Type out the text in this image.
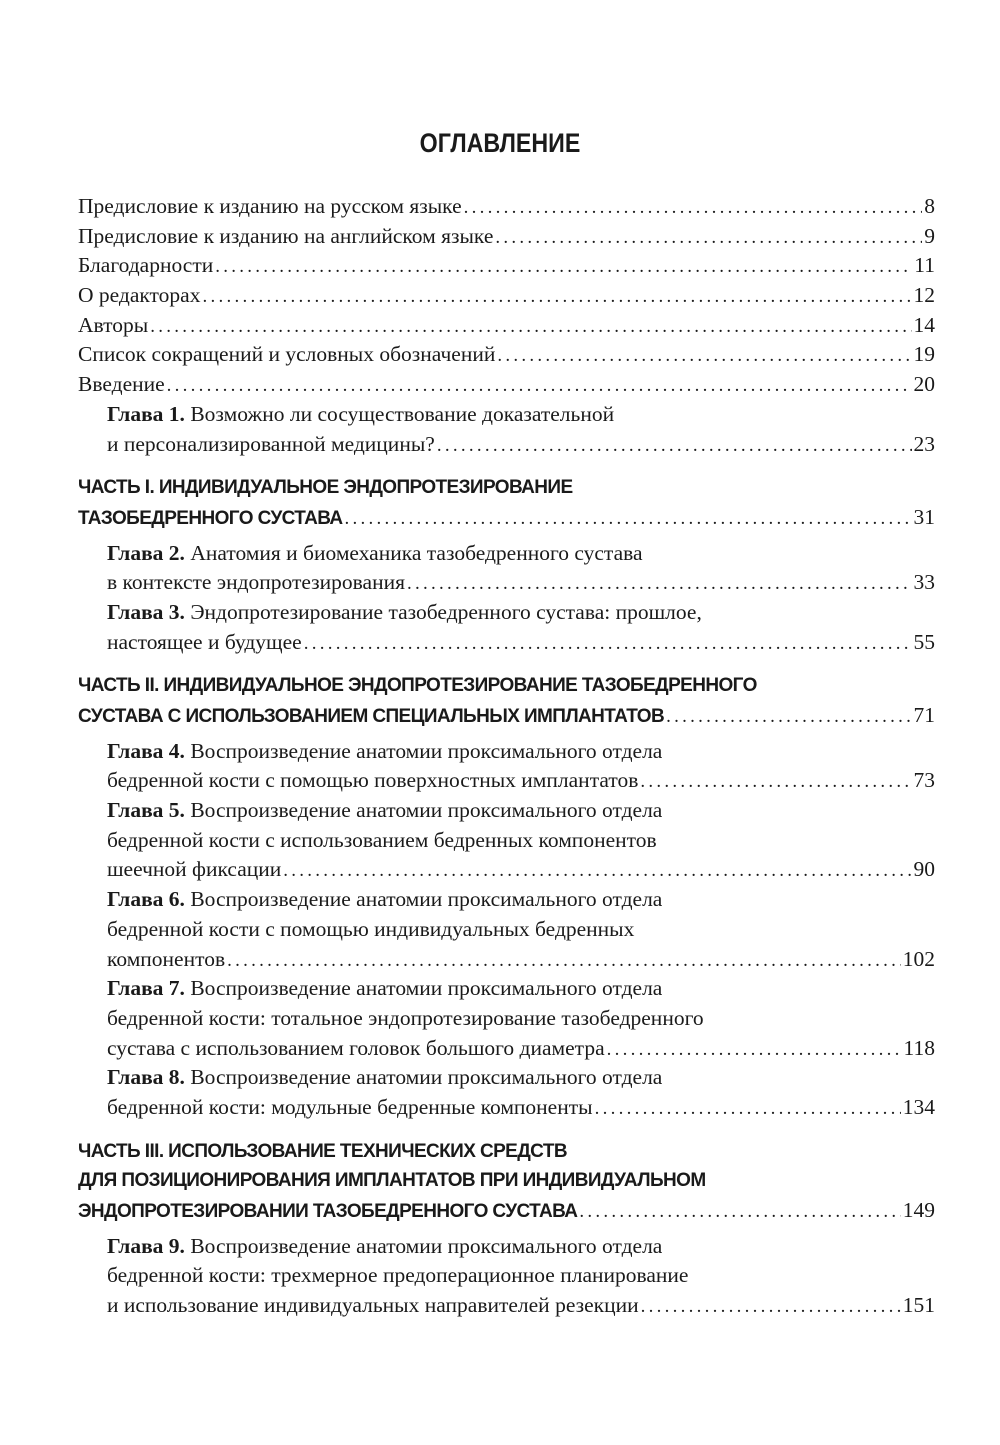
ОГЛАВЛЕНИЕ
Предисловие к изданию на русском языке . . .	8
Предисловие к изданию на английском языке . . .	9
Благодарности . . .	11
О редакторах . . .	12
Авторы . . .	14
Список сокращений и условных обозначений . . .	19
Введение . . .	20
Глава 1.
Возможно ли сосуществование доказательной
и персонализированной медицины? . . .	23
ЧАСТЬ I. ИНДИВИДУАЛЬНОЕ ЭНДОПРОТЕЗИРОВАНИЕ
ТАЗОБЕДРЕННОГО СУСТАВА . . .	31
Глава 2.
Анатомия и биомеханика тазобедренного сустава
в контексте эндопротезирования . . .	33
Глава 3.
Эндопротезирование тазобедренного сустава: прошлое,
настоящее и будущее . . .	55
ЧАСТЬ II. ИНДИВИДУАЛЬНОЕ ЭНДОПРОТЕЗИРОВАНИЕ ТАЗОБЕДРЕННОГО
СУСТАВА С ИСПОЛЬЗОВАНИЕМ СПЕЦИАЛЬНЫХ ИМПЛАНТАТОВ . . .	71
Глава 4.
Воспроизведение анатомии проксимального отдела
бедренной кости с помощью поверхностных имплантатов . . .	73
Глава 5.
Воспроизведение анатомии проксимального отдела
бедренной кости с использованием бедренных компонентов
шеечной фиксации . . .	90
Глава 6.
Воспроизведение анатомии проксимального отдела
бедренной кости с помощью индивидуальных бедренных
компонентов . . .	102
Глава 7.
Воспроизведение анатомии проксимального отдела
бедренной кости: тотальное эндопротезирование тазобедренного
сустава с использованием головок большого диаметра . . .	118
Глава 8.
Воспроизведение анатомии проксимального отдела
бедренной кости: модульные бедренные компоненты . . .	134
ЧАСТЬ III. ИСПОЛЬЗОВАНИЕ ТЕХНИЧЕСКИХ СРЕДСТВ
ДЛЯ ПОЗИЦИОНИРОВАНИЯ ИМПЛАНТАТОВ ПРИ ИНДИВИДУАЛЬНОМ
ЭНДОПРОТЕЗИРОВАНИИ ТАЗОБЕДРЕННОГО СУСТАВА . . .	149
Глава 9.
Воспроизведение анатомии проксимального отдела
бедренной кости: трехмерное предоперационное планирование
и использование индивидуальных направителей резекции . . .	151
